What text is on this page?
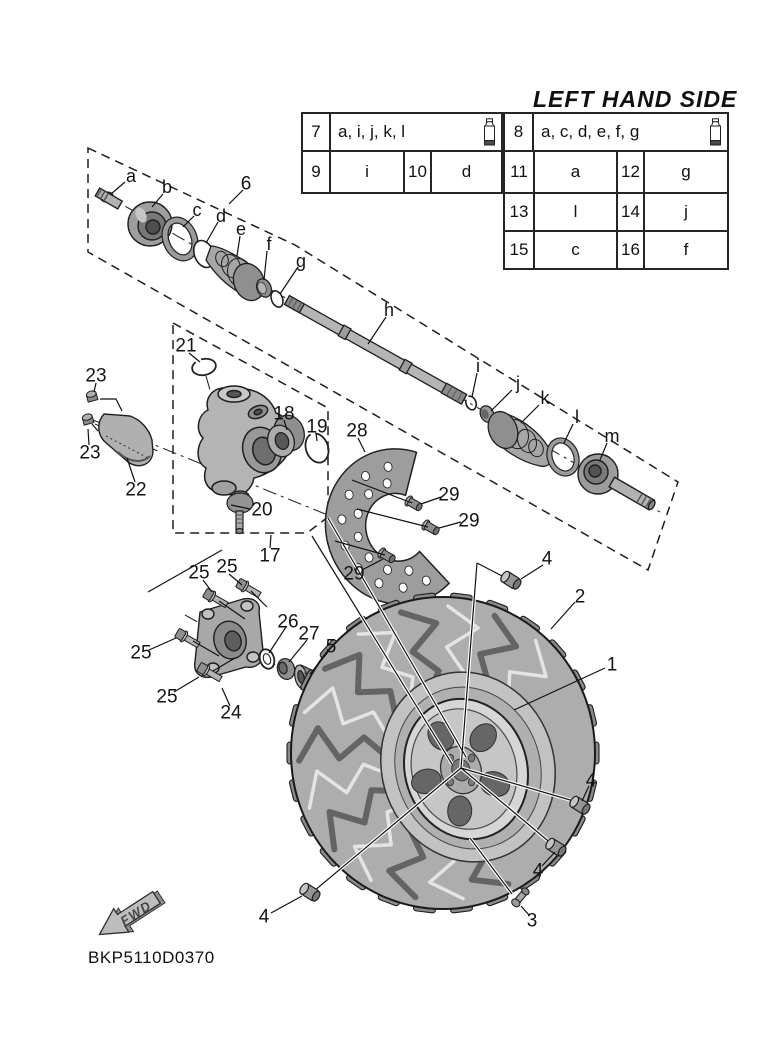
LEFT HAND SIDE
BKP5110D0370
FWD
7	a, i, j, k, l
9	i	10	d
8	a, c, d, e, f, g
11	a	12	g
13	l	14	j
15	c	16	f
a
b
c d
e
f
g
h
i
j
k
l
m
6
21
23
23
22
18
19
20
17
28
29
29
29
25 25
25
25
24
26
27
5
2
1
4
4
4
4	3
